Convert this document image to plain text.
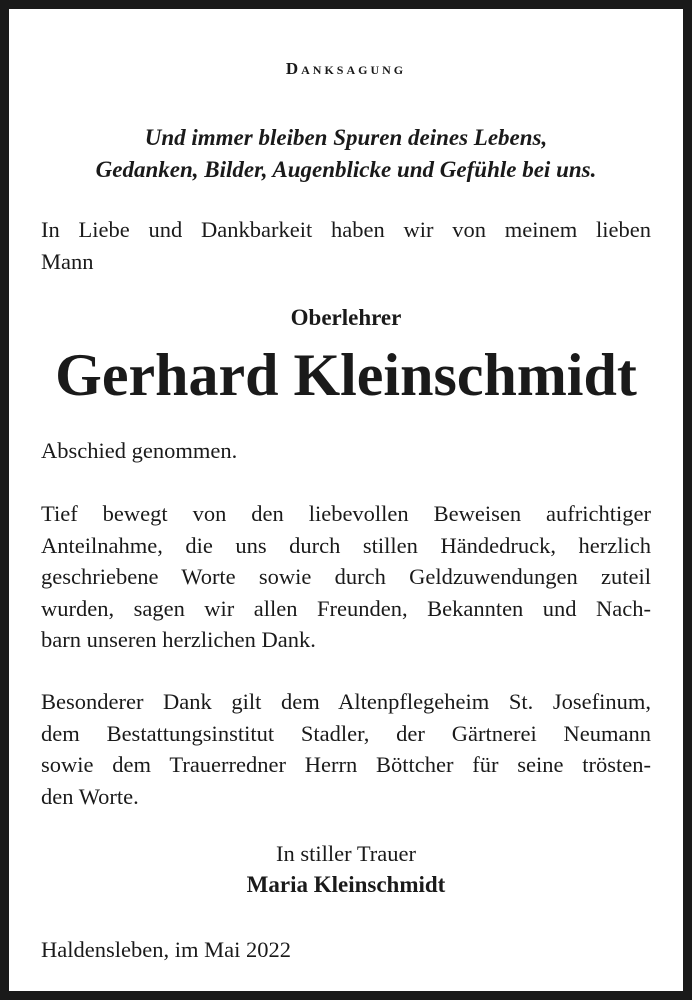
Danksagung
Und immer bleiben Spuren deines Lebens,
Gedanken, Bilder, Augenblicke und Gefühle bei uns.
In Liebe und Dankbarkeit haben wir von meinem lieben
Mann
Oberlehrer
Gerhard Kleinschmidt
Abschied genommen.
Tief bewegt von den liebevollen Beweisen aufrichtiger
Anteilnahme, die uns durch stillen Händedruck, herzlich
geschriebene Worte sowie durch Geldzuwendungen zuteil
wurden, sagen wir allen Freunden, Bekannten und Nach-
barn unseren herzlichen Dank.
Besonderer Dank gilt dem Altenpflegeheim St. Josefinum,
dem Bestattungsinstitut Stadler, der Gärtnerei Neumann
sowie dem Trauerredner Herrn Böttcher für seine trösten-
den Worte.
In stiller Trauer
Maria Kleinschmidt
Haldensleben, im Mai 2022
